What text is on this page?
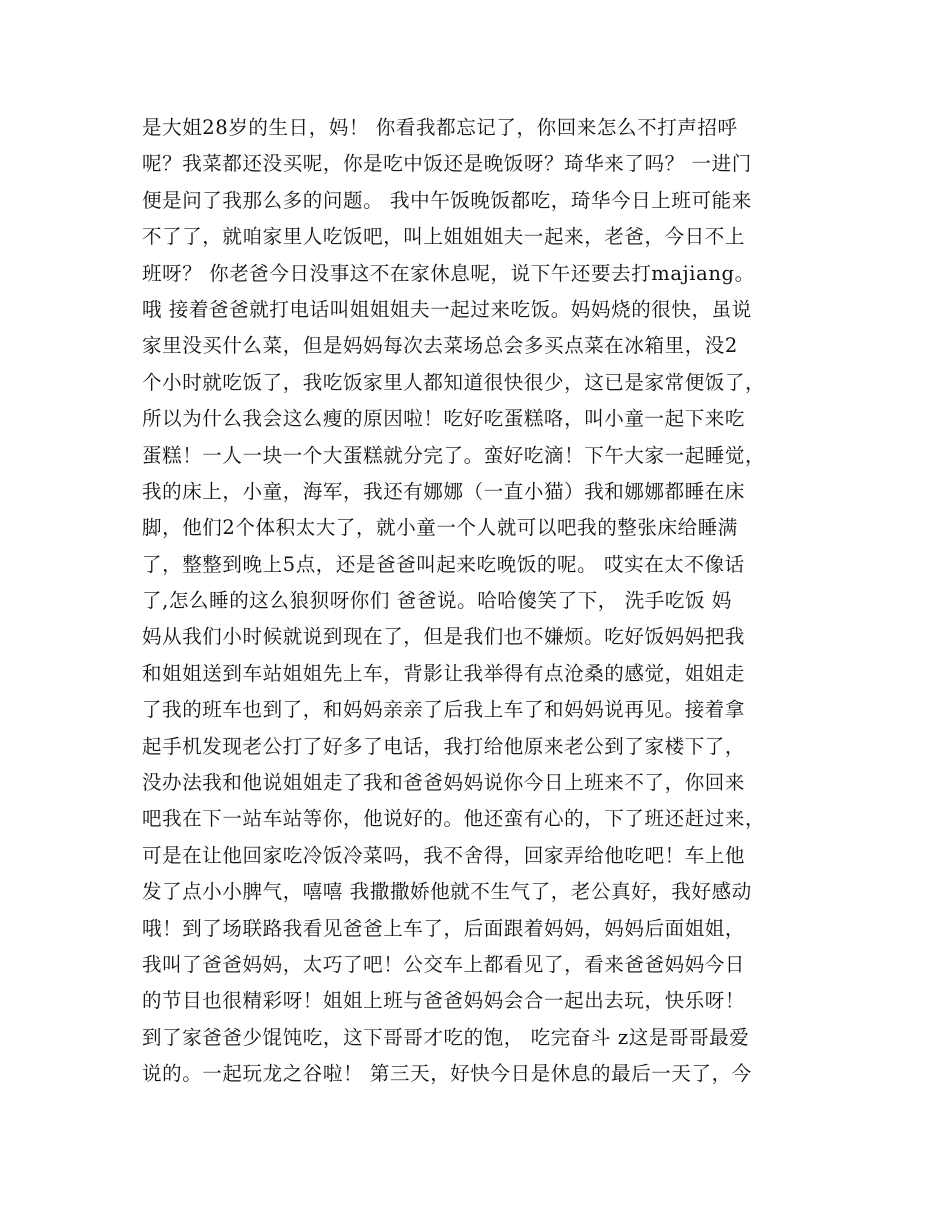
是大姐28岁的生日，妈！ 你看我都忘记了，你回来怎么不打声招呼
呢？我菜都还没买呢，你是吃中饭还是晚饭呀？琦华来了吗？ 一进门
便是问了我那么多的问题。 我中午饭晚饭都吃，琦华今日上班可能来
不了了，就咱家里人吃饭吧，叫上姐姐姐夫一起来，老爸，今日不上
班呀？ 你老爸今日没事这不在家休息呢，说下午还要去打majiang。
哦 接着爸爸就打电话叫姐姐姐夫一起过来吃饭。妈妈烧的很快，虽说
家里没买什么菜，但是妈妈每次去菜场总会多买点菜在冰箱里，没2
个小时就吃饭了，我吃饭家里人都知道很快很少，这已是家常便饭了，
所以为什么我会这么瘦的原因啦！吃好吃蛋糕咯，叫小童一起下来吃
蛋糕！一人一块一个大蛋糕就分完了。蛮好吃滴！下午大家一起睡觉，
我的床上，小童，海军，我还有娜娜（一直小猫）我和娜娜都睡在床
脚，他们2个体积太大了，就小童一个人就可以吧我的整张床给睡满
了，整整到晚上5点，还是爸爸叫起来吃晚饭的呢。 哎实在太不像话
了,怎么睡的这么狼狈呀你们 爸爸说。哈哈傻笑了下， 洗手吃饭 妈
妈从我们小时候就说到现在了，但是我们也不嫌烦。吃好饭妈妈把我
和姐姐送到车站姐姐先上车，背影让我举得有点沧桑的感觉，姐姐走
了我的班车也到了，和妈妈亲亲了后我上车了和妈妈说再见。接着拿
起手机发现老公打了好多了电话，我打给他原来老公到了家楼下了，
没办法我和他说姐姐走了我和爸爸妈妈说你今日上班来不了，你回来
吧我在下一站车站等你，他说好的。他还蛮有心的，下了班还赶过来，
可是在让他回家吃冷饭冷菜吗，我不舍得，回家弄给他吃吧！车上他
发了点小小脾气，嘻嘻 我撒撒娇他就不生气了，老公真好，我好感动
哦！到了场联路我看见爸爸上车了，后面跟着妈妈，妈妈后面姐姐，
我叫了爸爸妈妈，太巧了吧！公交车上都看见了，看来爸爸妈妈今日
的节目也很精彩呀！姐姐上班与爸爸妈妈会合一起出去玩，快乐呀！
到了家爸爸少馄饨吃，这下哥哥才吃的饱， 吃完奋斗 z这是哥哥最爱
说的。一起玩龙之谷啦！ 第三天，好快今日是休息的最后一天了，今
